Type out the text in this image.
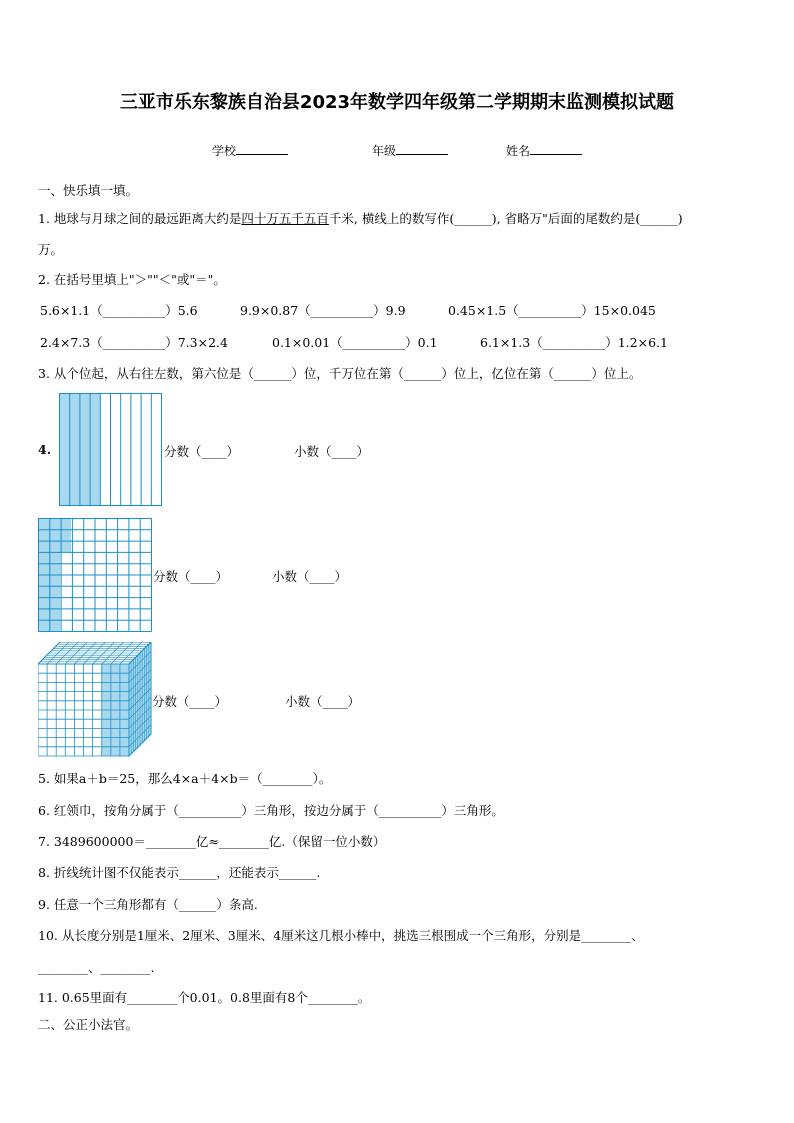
三亚市乐东黎族自治县2023年数学四年级第二学期期末监测模拟试题
学校	年级	姓名
一、快乐填一填。
1. 地球与月球之间的最远距离大约是四十万五千五百千米, 横线上的数写作(______), 省略万"后面的尾数约是(______)
万。
2. 在括号里填上"＞""＜"或"＝"。
5.6×1.1（__________）5.6	9.9×0.87（__________）9.9	0.45×1.5（__________）15×0.045
2.4×7.3（__________）7.3×2.4	0.1×0.01（__________）0.1	6.1×1.3（__________）1.2×6.1
3. 从个位起，从右往左数，第六位是（______）位，千万位在第（______）位上，亿位在第（______）位上。
4.	分数（____）	小数（____）
分数（____）	小数（____）
分数（____）	小数（____）
5. 如果a＋b＝25，那么4×a＋4×b＝（________）。
6. 红领巾，按角分属于（__________）三角形，按边分属于（__________）三角形。
7. 3489600000＝________亿≈________亿.（保留一位小数）
8. 折线统计图不仅能表示______，还能表示______.
9. 任意一个三角形都有（______）条高.
10. 从长度分别是1厘米、2厘米、3厘米、4厘米这几根小棒中，挑选三根围成一个三角形，分别是________、
________、________.
11. 0.65里面有________个0.01。0.8里面有8个________。
二、公正小法官。
